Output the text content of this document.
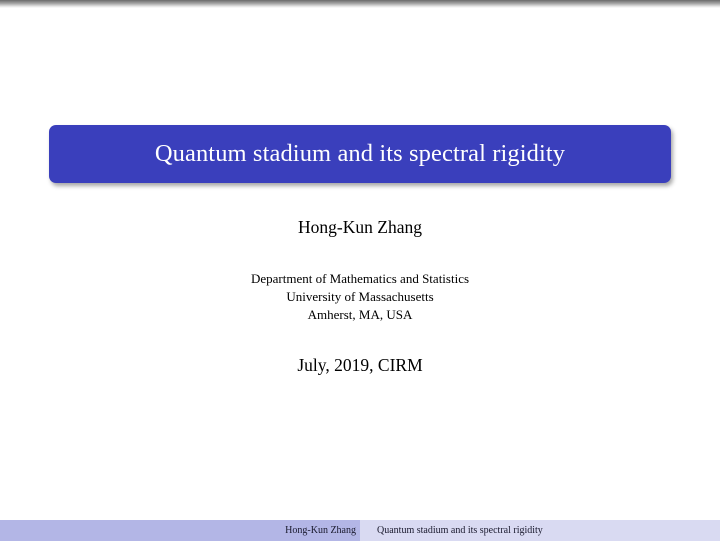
Quantum stadium and its spectral rigidity
Hong-Kun Zhang
Department of Mathematics and Statistics
University of Massachusetts
Amherst, MA, USA
July, 2019, CIRM
Hong-Kun Zhang Quantum stadium and its spectral rigidity
